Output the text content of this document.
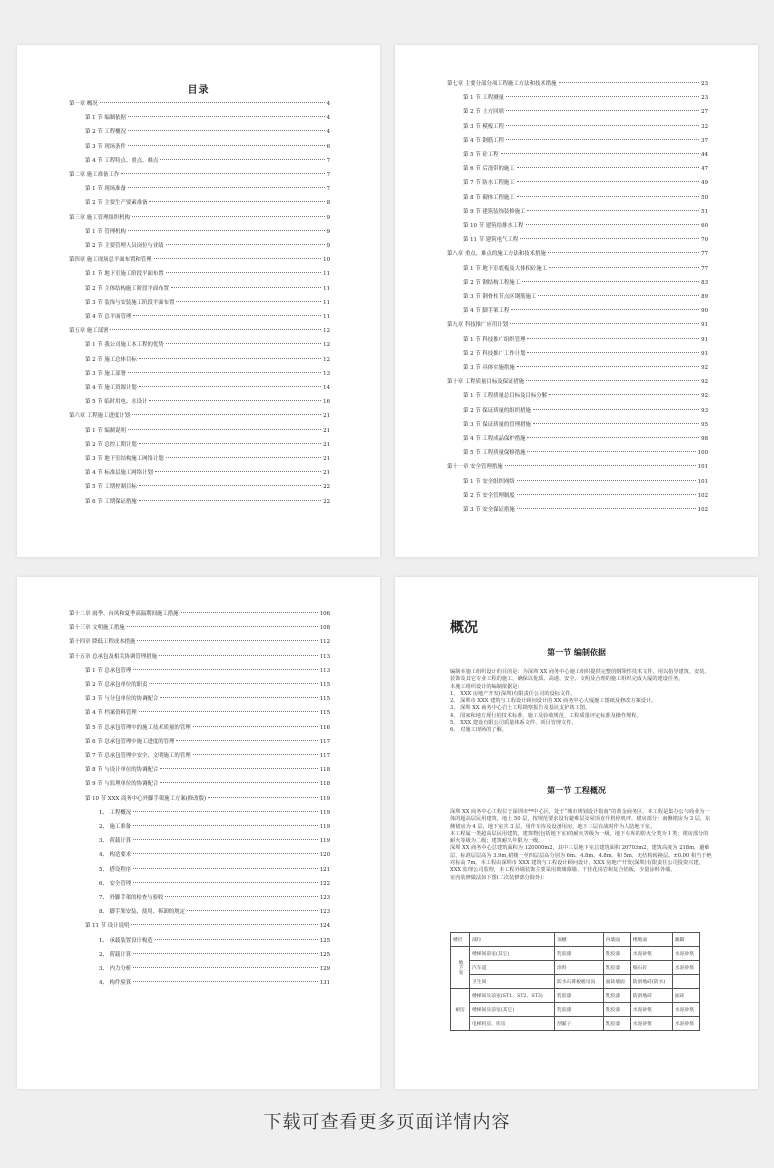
目录
第一章 概况	4
第 1 节 编制依据	4
第 2 节 工程概况	4
第 3 节 现场条件	6
第 4 节 工程特点、重点、难点	7
第二章 施工准备工作	7
第 1 节 现场准备	7
第 2 节 主要生产要素准备	8
第三章 施工管理组织机构	9
第 1 节 管理机构	9
第 2 节 主要管理人员岗位与业绩	9
第四章 施工现场总平面布置和管理	10
第 1 节 地下室施工阶段平面布置	11
第 2 节 主体结构施工阶段平面布置	11
第 3 节 装饰与安装施工阶段平面布置	11
第 4 节 总平面管理	11
第五章 施工部署	12
第 1 节 我公司施工本工程的优势	12
第 2 节 施工总体目标	12
第 3 节 施工部署	13
第 4 节 施工资源计划	14
第 5 节 临时用电、水设计	16
第六章 工程施工进度计划	21
第 1 节 编制说明	21
第 2 节 总控工期计划	21
第 3 节 地下室结构施工网络计划	21
第 4 节 标准层施工网络计划	21
第 5 节 工期控制目标	22
第 6 节 工期保证措施	22
第七章 主要分部分项工程施工方法和技术措施	23
第 1 节 工程测量	23
第 2 节 土方回填	27
第 3 节 模板工程	32
第 4 节 钢筋工程	37
第 5 节 砼工程	44
第 6 节 后浇带的施工	47
第 7 节 防水工程施工	49
第 8 节 砌体工程施工	50
第 9 节 建筑装饰装修施工	51
第 10 节 建筑给排水工程	60
第 11 节 建筑电气工程	70
第八章 重点、难点的施工方法和技术措施	77
第 1 节 地下室底板及大体积砼施工	77
第 2 节 钢结构工程施工	83
第 3 节 钢骨柱节点区钢筋施工	89
第 4 节 脚手架工程	90
第九章 科技推广应用计划	91
第 1 节 科技推广组织管理	91
第 2 节 科技推广工作计划	91
第 3 节 具体实施措施	92
第十章 工程质量目标及保证措施	92
第 1 节 工程质量总目标及目标分解	92
第 2 节 保证质量的组织措施	93
第 3 节 保证质量的管理措施	95
第 4 节 工程成品保护措施	98
第 5 节 工程质量保修措施	100
第十一章 安全管理措施	101
第 1 节 安全组织网络	101
第 2 节 安全管理制度	102
第 3 节 安全保证措施	102
第十二章 雨季、台风和夏季高温期间施工措施	106
第十三章 文明施工措施	108
第十四章 降低工程成本措施	112
第十五章 总承包及相关协调管理措施	113
第 1 节 总承包管理	113
第 2 节 总承包单位的职责	115
第 3 节 与分包单位的协调配合	115
第 4 节 档案资料管理	115
第 5 节 总承包管理中的施工技术质量的管理	116
第 6 节 总承包管理中施工进度的管理	117
第 7 节 总承包管理中安全、文明施工的管理	117
第 8 节 与设计单位的协调配合	118
第 9 节 与监理单位的协调配合	118
第 10 节 XXX 商务中心外脚手架施工方案(修改版)	119
1、 工程概况	119
2、 施工准备	119
3、 荷载计算	119
4、 构造要求	120
5、 搭设程序	121
6、 安全管理	122
7、 外脚手架的检查与验收	123
8、 脚手架安装、使用、拆卸的规定	123
第 11 节 设计说明	124
1、 承载装置设计构造	125
2、 荷载计算	125
3、 内力分析	129
4、 构件验算	131
概况
第一节 编制依据

编制本施工组织设计的目的是：为深圳 XX 商务中心施工组织提供完整的纲领性技术文件，用以指导建筑、安装、装饰及其它专业工程的施工，确保以优质、高速、安全、文明及合理的施工组织完成大厦的建设任务。

本施工组织设计的编制依据是：

1、 XXX 房地产开发(深圳)有限责任公司的设标文件。

2、 深圳市 XXX 建筑与工程设计顾问设计的 XX 商务中心大厦施工图纸及修改方案设计。

3、 深圳 XX 商务中心岩土工程勘察报告及基坑支护竣工图。

4、 国家和地方现行的技术标准、施工及验收规范、工程质量评定标准及操作规程。

5、 XXX 建设有限公司质量体系文件、项目管理文件。

6、 对施工现场的了解。

第一节 工程概况

深圳 XX 商务中心工程位于深圳市**中心区，处于“城市规划设计指南”的黄金商务区，本工程是集办公与商业为一体的超高层民用建筑，地上 50 层，按规范要求设有避难层及屋顶直升机停机坪，裙房部分：南侧裙房为 3 层，东侧裙房为 4 层，地下室共 3 层，用作车库及设备用房，地下三层在战时作为人防地下室。

本工程属一类超高层民用建筑，建筑物(包括地下室)的耐火等级为一级，地下车库的防火分类为 I 类；裙房部分的耐火等级为二级；建筑耐久年限为一级。

深圳 XX 商务中心总建筑面积为 120000m2，其中三层地下室总建筑面积 20703m2，建筑高度为 218m，避难层、标准层层高为 3.9m,裙楼一至四层层高分别为 6m、4.8m、4.8m、和 5m，无结构转换层。±0.00 相当于绝对标高 7m。本工程由深圳市 XXX 建筑与工程设计顾问设计，XXX 房地产开发(深圳)有限责任公司投资兴建，XXX 监理公司监理，本工程外墙装饰主要采用玻璃幕墙、干挂花岗岩和复合铝板，少量涂料外墙。

室内装修做法如下图(二次装修部分除外)：

楼层	部位	顶棚	内墙面	楼地面	踢脚
地下室	楼梯间前室(其它)	乳胶漆	乳胶漆	水泥砂浆	水泥砂浆
	汽车道	涂料	乳胶漆	细石砼	水泥砂浆
	卫生间	防水石膏板板吊顶	面砖墙面	防滑地砖(防水)	
裙房	楼梯间及前室(ST1、ST2、ST3)	乳胶漆	乳胶漆	防滑地砖	面砖
	楼梯间及前室(其它)	乳胶漆	乳胶漆	水泥砂浆	水泥砂浆
	电梯机房、库房	刮腻子	乳胶漆	水泥砂浆	水泥砂浆
下载可查看更多页面详情内容
